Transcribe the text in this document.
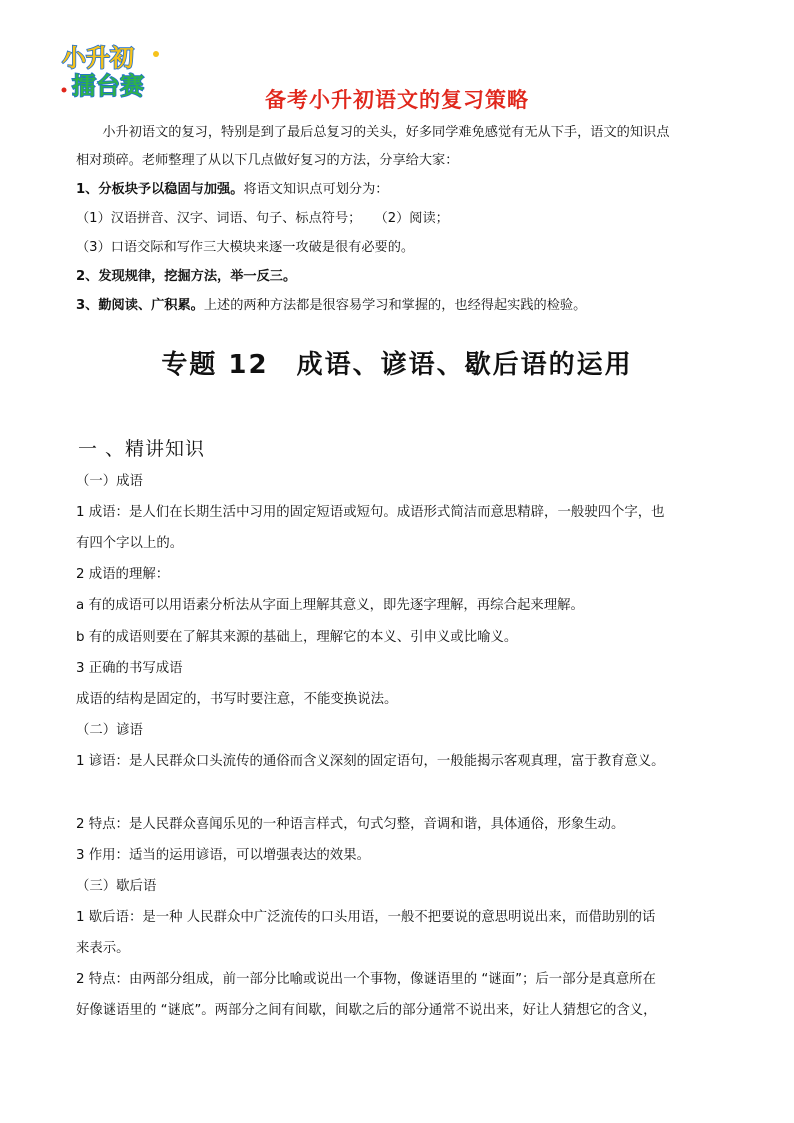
小升初
擂台赛	备考小升初语文的复习策略
　　小升初语文的复习，特别是到了最后总复习的关头，好多同学难免感觉有无从下手，语文的知识点
相对琐碎。老师整理了从以下几点做好复习的方法，分享给大家：
1、分板块予以稳固与加强。将语文知识点可划分为：
（1）汉语拼音、汉字、词语、句子、标点符号；　　（2）阅读；
（3）口语交际和写作三大模块来逐一攻破是很有必要的。
2、发现规律，挖掘方法，举一反三。
3、勤阅读、广积累。上述的两种方法都是很容易学习和掌握的，也经得起实践的检验。
专题 12　成语、谚语、歇后语的运用
一 、精讲知识
（一）成语
1 成语：是人们在长期生活中习用的固定短语或短句。成语形式简洁而意思精辟，一般驶四个字，也
有四个字以上的。
2 成语的理解：
a 有的成语可以用语素分析法从字面上理解其意义，即先逐字理解，再综合起来理解。
b 有的成语则要在了解其来源的基础上，理解它的本义、引申义或比喻义。
3 正确的书写成语
成语的结构是固定的，书写时要注意，不能变换说法。
（二）谚语
1 谚语：是人民群众口头流传的通俗而含义深刻的固定语句，一般能揭示客观真理，富于教育意义。
2 特点：是人民群众喜闻乐见的一种语言样式，句式匀整，音调和谐，具体通俗，形象生动。
3 作用：适当的运用谚语，可以增强表达的效果。
（三）歇后语
1 歇后语：是一种 人民群众中广泛流传的口头用语，一般不把要说的意思明说出来，而借助别的话
来表示。
2 特点：由两部分组成，前一部分比喻或说出一个事物，像谜语里的 “谜面”；后一部分是真意所在
好像谜语里的 “谜底”。两部分之间有间歇，间歇之后的部分通常不说出来，好让人猜想它的含义，
